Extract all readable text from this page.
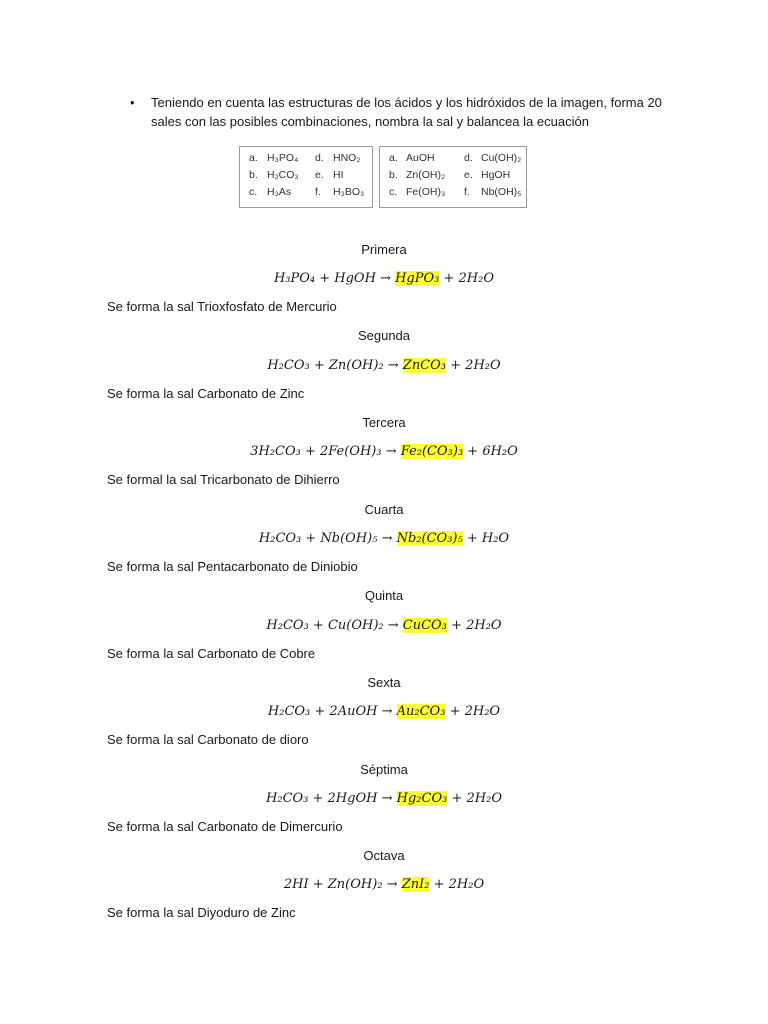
• Teniendo en cuenta las estructuras de los ácidos y los hidróxidos de la imagen, forma 20 sales con las posibles combinaciones, nombra la sal y balancea la ecuación
a. H₃PO₄ d. HNO₂
b. H₂CO₃ e. HI
c. H₃As f. H₃BO₃
a. AuOH	d. Cu(OH)₂
b. Zn(OH)₂ e. HgOH
c. Fe(OH)₃ f. Nb(OH)₅
Primera
H₃PO₄ + HgOH → HgPO₃ + 2H₂O
Se forma la sal Trioxfosfato de Mercurio
Segunda
H₂CO₃ + Zn(OH)₂ → ZnCO₃ + 2H₂O
Se forma la sal Carbonato de Zinc
Tercera
3H₂CO₃ + 2Fe(OH)₃ → Fe₂(CO₃)₃ + 6H₂O
Se formal la sal Tricarbonato de Dihierro
Cuarta
H₂CO₃ + Nb(OH)₅ → Nb₂(CO₃)₅ + H₂O
Se forma la sal Pentacarbonato de Diniobio
Quinta
H₂CO₃ + Cu(OH)₂ → CuCO₃ + 2H₂O
Se forma la sal Carbonato de Cobre
Sexta
H₂CO₃ + 2AuOH → Au₂CO₃ + 2H₂O
Se forma la sal Carbonato de dioro
Séptima
H₂CO₃ + 2HgOH → Hg₂CO₃ + 2H₂O
Se forma la sal Carbonato de Dimercurio
Octava
2HI + Zn(OH)₂ → ZnI₂ + 2H₂O
Se forma la sal Diyoduro de Zinc
